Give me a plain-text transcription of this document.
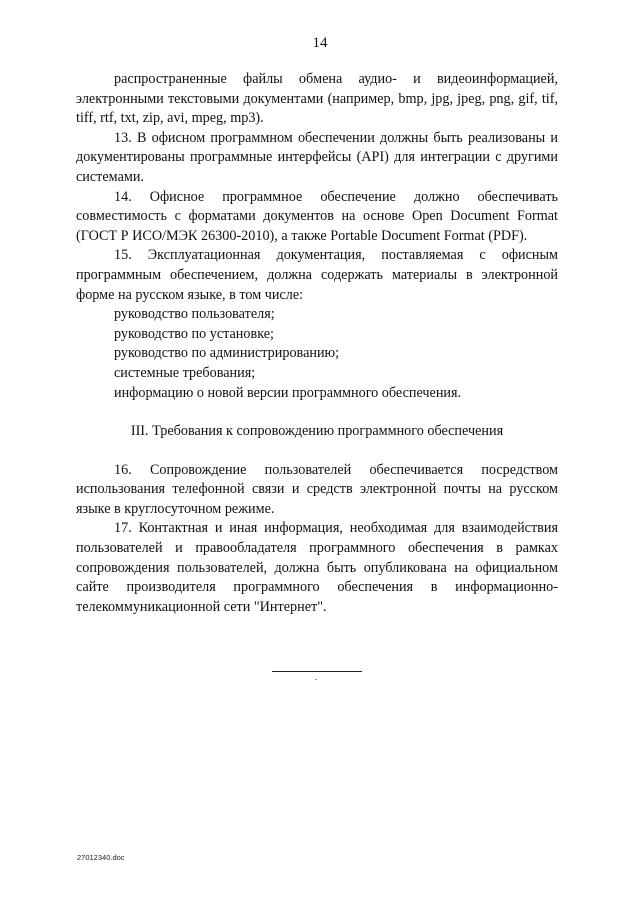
14

распространенные файлы обмена аудио- и видеоинформацией, электронными текстовыми документами (например, bmp, jpg, jpeg, png, gif, tif, tiff, rtf, txt, zip, avi, mpeg, mp3).

13. В офисном программном обеспечении должны быть реализованы и документированы программные интерфейсы (API) для интеграции с другими системами.

14. Офисное программное обеспечение должно обеспечивать совместимость с форматами документов на основе Open Document Format (ГОСТ Р ИСО/МЭК 26300-2010), а также Portable Document Format (PDF).

15. Эксплуатационная документация, поставляемая с офисным программным обеспечением, должна содержать материалы в электронной форме на русском языке, в том числе:

руководство пользователя;

руководство по установке;

руководство по администрированию;

системные требования;

информацию о новой версии программного обеспечения.

III. Требования к сопровождению программного обеспечения

16. Сопровождение пользователей обеспечивается посредством использования телефонной связи и средств электронной почты на русском языке в круглосуточном режиме.

17. Контактная и иная информация, необходимая для взаимодействия пользователей и правообладателя программного обеспечения в рамках сопровождения пользователей, должна быть опубликована на официальном сайте производителя программного обеспечения в информационно-телекоммуникационной сети "Интернет".

27012340.doc
